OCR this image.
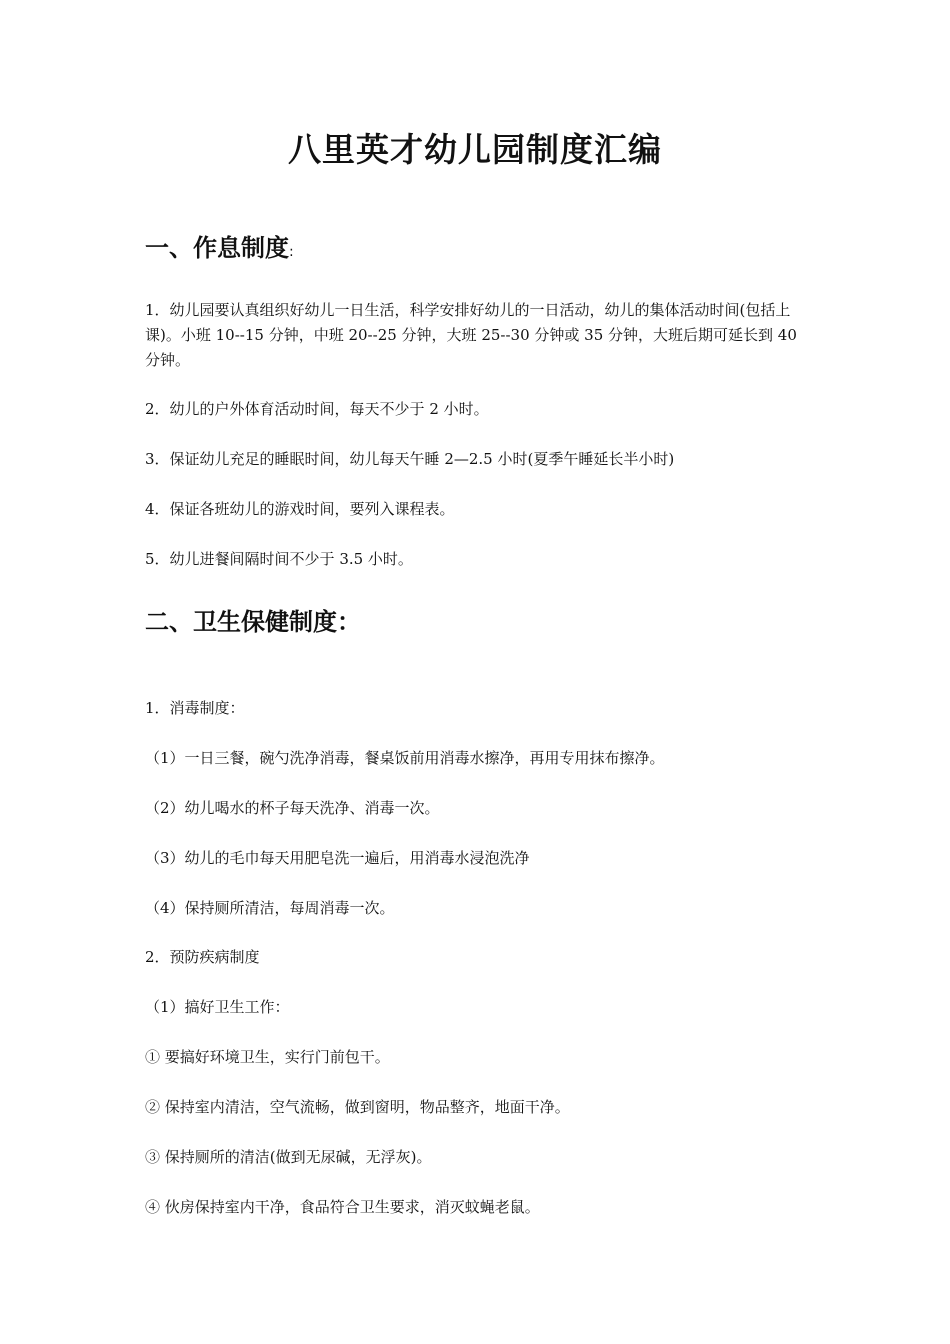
八里英才幼儿园制度汇编
一、作息制度:
1．幼儿园要认真组织好幼儿一日生活，科学安排好幼儿的一日活动，幼儿的集体活动时间(包括上课)。小班 10--15 分钟，中班 20--25 分钟，大班 25--30 分钟或 35 分钟，大班后期可延长到 40 分钟。
2．幼儿的户外体育活动时间，每天不少于 2 小时。
3．保证幼儿充足的睡眠时间，幼儿每天午睡 2—2.5 小时(夏季午睡延长半小时)
4．保证各班幼儿的游戏时间，要列入课程表。
5．幼儿进餐间隔时间不少于 3.5 小时。
二、卫生保健制度：
1．消毒制度：
（1）一日三餐，碗勺洗净消毒，餐桌饭前用消毒水擦净，再用专用抹布擦净。
（2）幼儿喝水的杯子每天洗净、消毒一次。
（3）幼儿的毛巾每天用肥皂洗一遍后，用消毒水浸泡洗净
（4）保持厕所清洁，每周消毒一次。
2．预防疾病制度
（1）搞好卫生工作：
① 要搞好环境卫生，实行门前包干。
② 保持室内清洁，空气流畅，做到窗明，物品整齐，地面干净。
③ 保持厕所的清洁(做到无尿碱，无浮灰)。
④ 伙房保持室内干净，食品符合卫生要求，消灭蚊蝇老鼠。
